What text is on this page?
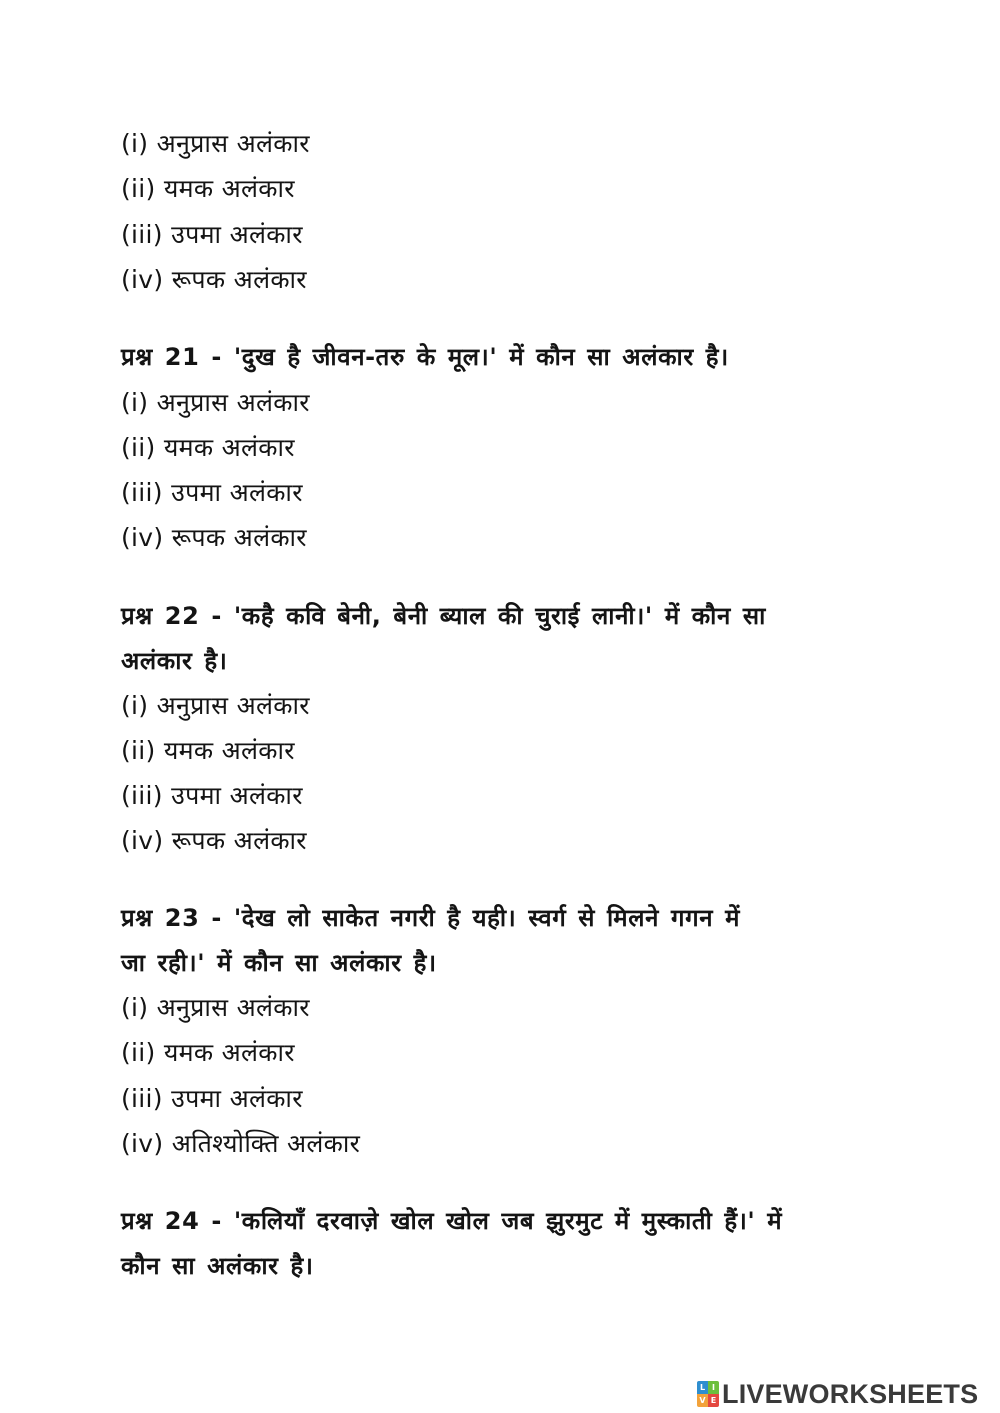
(i) अनुप्रास अलंकार
(ii) यमक अलंकार
(iii) उपमा अलंकार
(iv) रूपक अलंकार
प्रश्न 21 - 'दुख है जीवन-तरु के मूल।' में कौन सा अलंकार है।
(i) अनुप्रास अलंकार
(ii) यमक अलंकार
(iii) उपमा अलंकार
(iv) रूपक अलंकार
प्रश्न 22 - 'कहै कवि बेनी, बेनी ब्याल की चुराई लानी।' में कौन सा
अलंकार है।
(i) अनुप्रास अलंकार
(ii) यमक अलंकार
(iii) उपमा अलंकार
(iv) रूपक अलंकार
प्रश्न 23 - 'देख लो साकेत नगरी है यही। स्वर्ग से मिलने गगन में
जा रही।' में कौन सा अलंकार है।
(i) अनुप्रास अलंकार
(ii) यमक अलंकार
(iii) उपमा अलंकार
(iv) अतिश्योक्ति अलंकार
प्रश्न 24 - 'कलियाँ दरवाज़े खोल खोल जब झुरमुट में मुस्काती हैं।' में
कौन सा अलंकार है।
L I
V E LIVEWORKSHEETS
